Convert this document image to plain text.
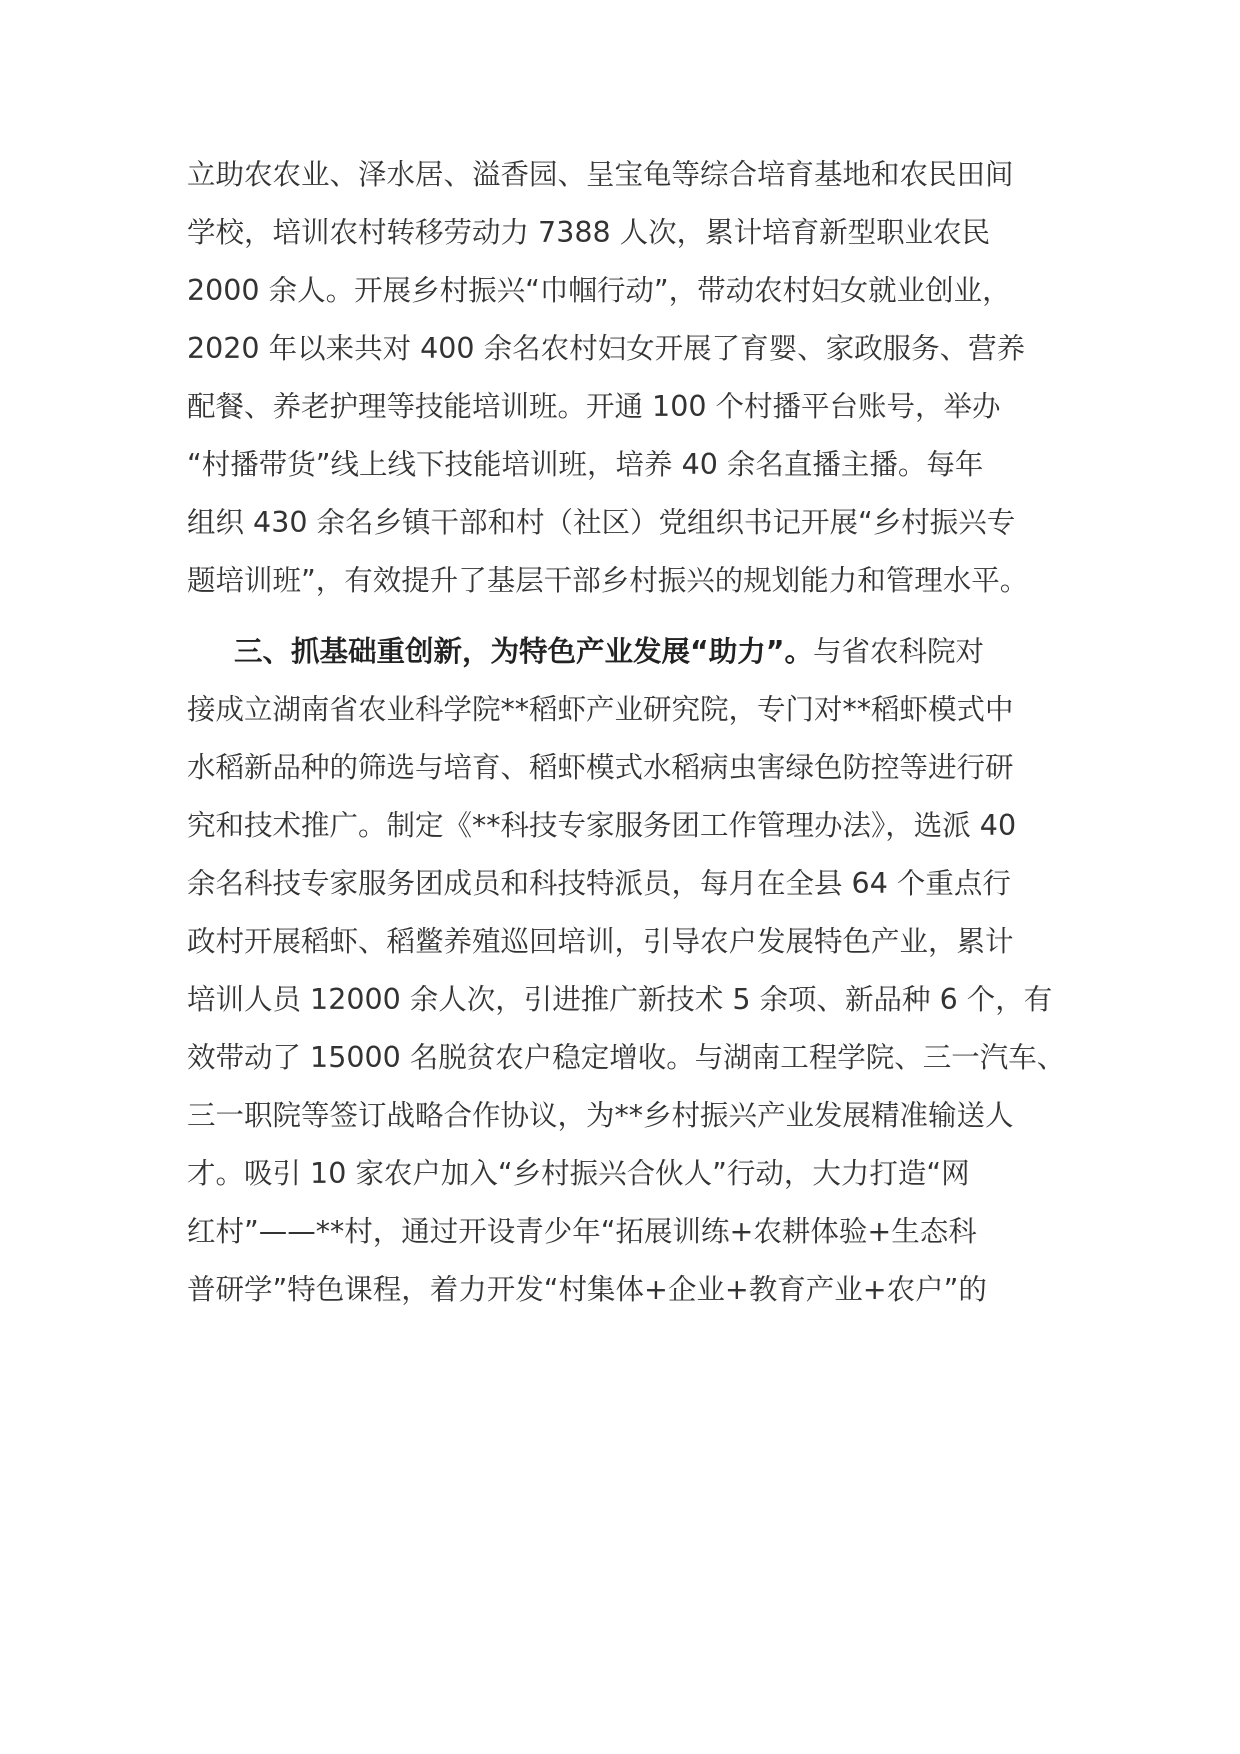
立助农农业、泽水居、溢香园、呈宝龟等综合培育基地和农民田间
学校，培训农村转移劳动力 7388 人次，累计培育新型职业农民
2000 余人。开展乡村振兴“巾帼行动”，带动农村妇女就业创业，
2020 年以来共对 400 余名农村妇女开展了育婴、家政服务、营养
配餐、养老护理等技能培训班。开通 100 个村播平台账号，举办
“村播带货”线上线下技能培训班，培养 40 余名直播主播。每年
组织 430 余名乡镇干部和村（社区）党组织书记开展“乡村振兴专
题培训班”，有效提升了基层干部乡村振兴的规划能力和管理水平。
三、抓基础重创新，为特色产业发展“助力”。与省农科院对
接成立湖南省农业科学院**稻虾产业研究院，专门对**稻虾模式中
水稻新品种的筛选与培育、稻虾模式水稻病虫害绿色防控等进行研
究和技术推广。制定《**科技专家服务团工作管理办法》，选派 40
余名科技专家服务团成员和科技特派员，每月在全县 64 个重点行
政村开展稻虾、稻鳖养殖巡回培训，引导农户发展特色产业，累计
培训人员 12000 余人次，引进推广新技术 5 余项、新品种 6 个，有
效带动了 15000 名脱贫农户稳定增收。与湖南工程学院、三一汽车、
三一职院等签订战略合作协议，为**乡村振兴产业发展精准输送人
才。吸引 10 家农户加入“乡村振兴合伙人”行动，大力打造“网
红村”——**村，通过开设青少年“拓展训练+农耕体验+生态科
普研学”特色课程，着力开发“村集体+企业+教育产业+农户”的
